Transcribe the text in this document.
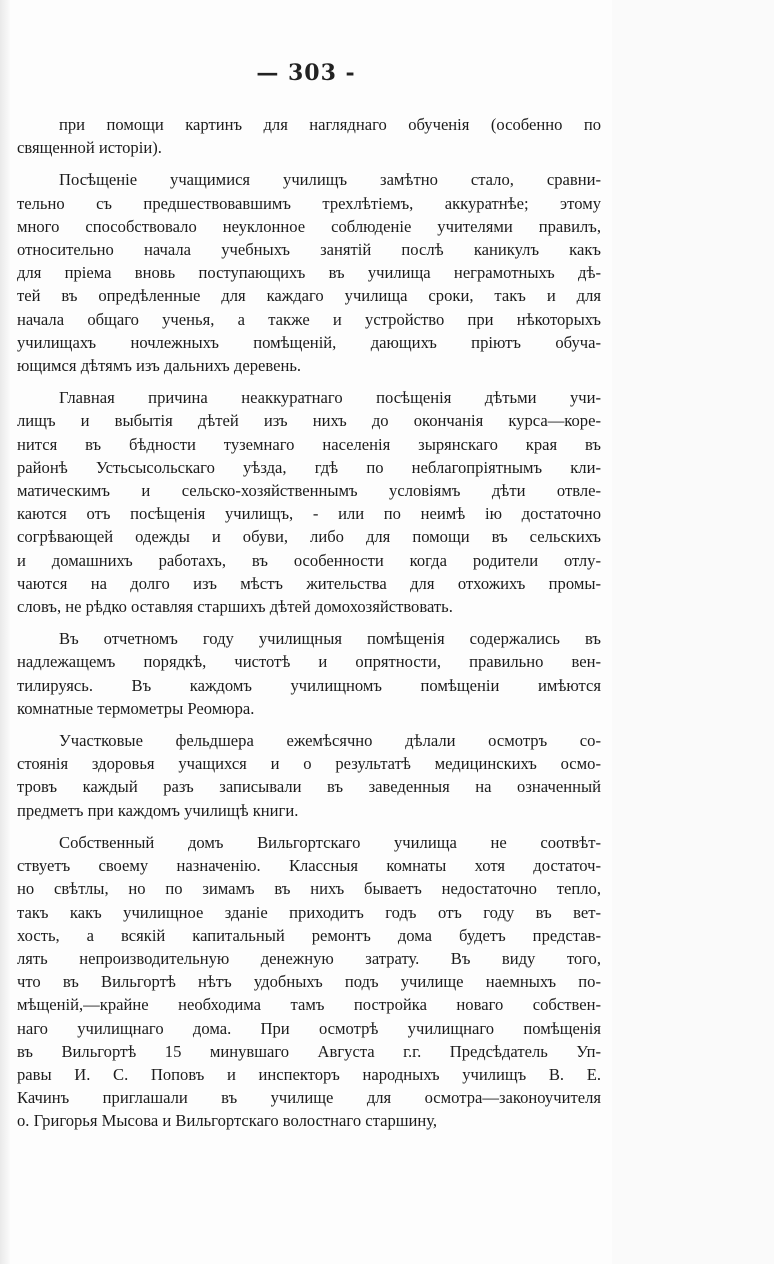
— 303 -
при помощи картинъ для нагляднаго обученія (особенно по
священной исторіи).
Посѣщеніе учащимися училищъ замѣтно стало, сравни-
тельно съ предшествовавшимъ трехлѣтіемъ, аккуратнѣе; этому
много способствовало неуклонное соблюденіе учителями правилъ,
относительно начала учебныхъ занятій послѣ каникулъ какъ
для пріема вновь поступающихъ въ училища неграмотныхъ дѣ-
тей въ опредѣленные для каждаго училища сроки, такъ и для
начала общаго ученья, а также и устройство при нѣкоторыхъ
училищахъ ночлежныхъ помѣщеній, дающихъ пріютъ обуча-
ющимся дѣтямъ изъ дальнихъ деревень.
Главная причина неаккуратнаго посѣщенія дѣтьми учи-
лищъ и выбытія дѣтей изъ нихъ до окончанія курса—коре-
нится въ бѣдности туземнаго населенія зырянскаго края въ
районѣ Устьсысольскаго уѣзда, гдѣ по неблагопріятнымъ кли-
матическимъ и сельско-хозяйственнымъ условіямъ дѣти отвле-
каются отъ посѣщенія училищъ, - или по неимѣ ію достаточно
согрѣвающей одежды и обуви, либо для помощи въ сельскихъ
и домашнихъ работахъ, въ особенности когда родители отлу-
чаются на долго изъ мѣстъ жительства для отхожихъ промы-
словъ, не рѣдко оставляя старшихъ дѣтей домохозяйствовать.
Въ отчетномъ году училищныя помѣщенія содержались въ
надлежащемъ порядкѣ, чистотѣ и опрятности, правильно вен-
тилируясь. Въ каждомъ училищномъ помѣщеніи имѣются
комнатные термометры Реомюра.
Участковые фельдшера ежемѣсячно дѣлали осмотръ со-
стоянія здоровья учащихся и о результатѣ медицинскихъ осмо-
тровъ каждый разъ записывали въ заведенныя на означенный
предметъ при каждомъ училищѣ книги.
Собственный домъ Вильгортскаго училища не соотвѣт-
ствуетъ своему назначенію. Классныя комнаты хотя достаточ-
но свѣтлы, но по зимамъ въ нихъ бываетъ недостаточно тепло,
такъ какъ училищное зданіе приходитъ годъ отъ году въ вет-
хость, а всякій капитальный ремонтъ дома будетъ представ-
лять непроизводительную денежную затрату. Въ виду того,
что въ Вильгортѣ нѣтъ удобныхъ подъ училище наемныхъ по-
мѣщеній,—крайне необходима тамъ постройка новаго собствен-
наго училищнаго дома. При осмотрѣ училищнаго помѣщенія
въ Вильгортѣ 15 минувшаго Августа г.г. Предсѣдатель Уп-
равы И. С. Поповъ и инспекторъ народныхъ училищъ В. Е.
Качинъ приглашали въ училище для осмотра—законоучителя
о. Григорья Мысова и Вильгортскаго волостнаго старшину,
